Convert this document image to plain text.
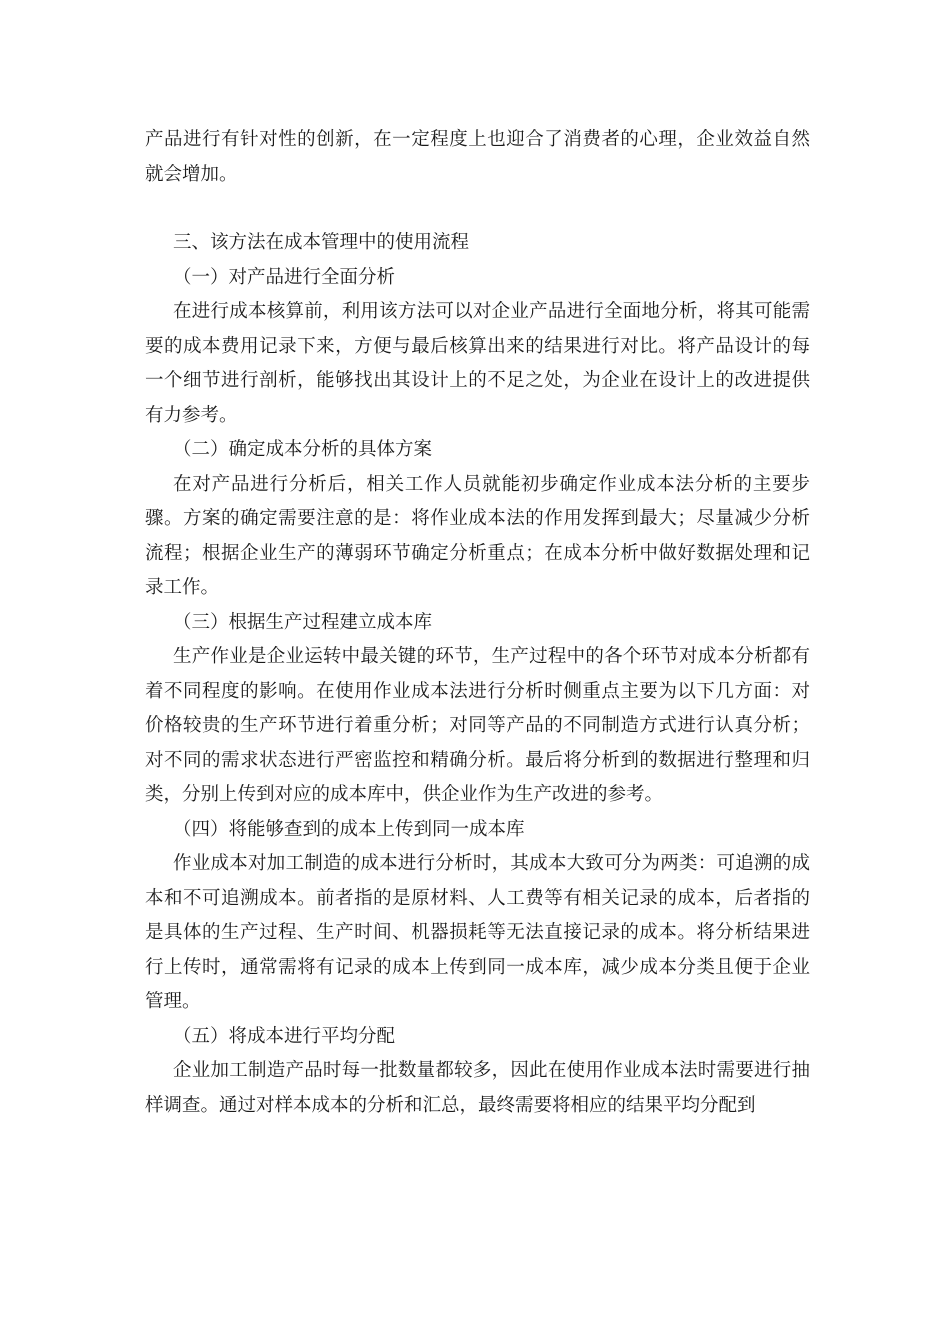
产品进行有针对性的创新，在一定程度上也迎合了消费者的心理，企业效益自然就会增加。

三、该方法在成本管理中的使用流程

（一）对产品进行全面分析

在进行成本核算前，利用该方法可以对企业产品进行全面地分析，将其可能需要的成本费用记录下来，方便与最后核算出来的结果进行对比。将产品设计的每一个细节进行剖析，能够找出其设计上的不足之处，为企业在设计上的改进提供有力参考。

（二）确定成本分析的具体方案

在对产品进行分析后，相关工作人员就能初步确定作业成本法分析的主要步骤。方案的确定需要注意的是：将作业成本法的作用发挥到最大；尽量减少分析流程；根据企业生产的薄弱环节确定分析重点；在成本分析中做好数据处理和记录工作。

（三）根据生产过程建立成本库

生产作业是企业运转中最关键的环节，生产过程中的各个环节对成本分析都有着不同程度的影响。在使用作业成本法进行分析时侧重点主要为以下几方面：对价格较贵的生产环节进行着重分析；对同等产品的不同制造方式进行认真分析；对不同的需求状态进行严密监控和精确分析。最后将分析到的数据进行整理和归类，分别上传到对应的成本库中，供企业作为生产改进的参考。

（四）将能够查到的成本上传到同一成本库

作业成本对加工制造的成本进行分析时，其成本大致可分为两类：可追溯的成本和不可追溯成本。前者指的是原材料、人工费等有相关记录的成本，后者指的是具体的生产过程、生产时间、机器损耗等无法直接记录的成本。将分析结果进行上传时，通常需将有记录的成本上传到同一成本库，减少成本分类且便于企业管理。

（五）将成本进行平均分配

企业加工制造产品时每一批数量都较多，因此在使用作业成本法时需要进行抽样调查。通过对样本成本的分析和汇总，最终需要将相应的结果平均分配到
